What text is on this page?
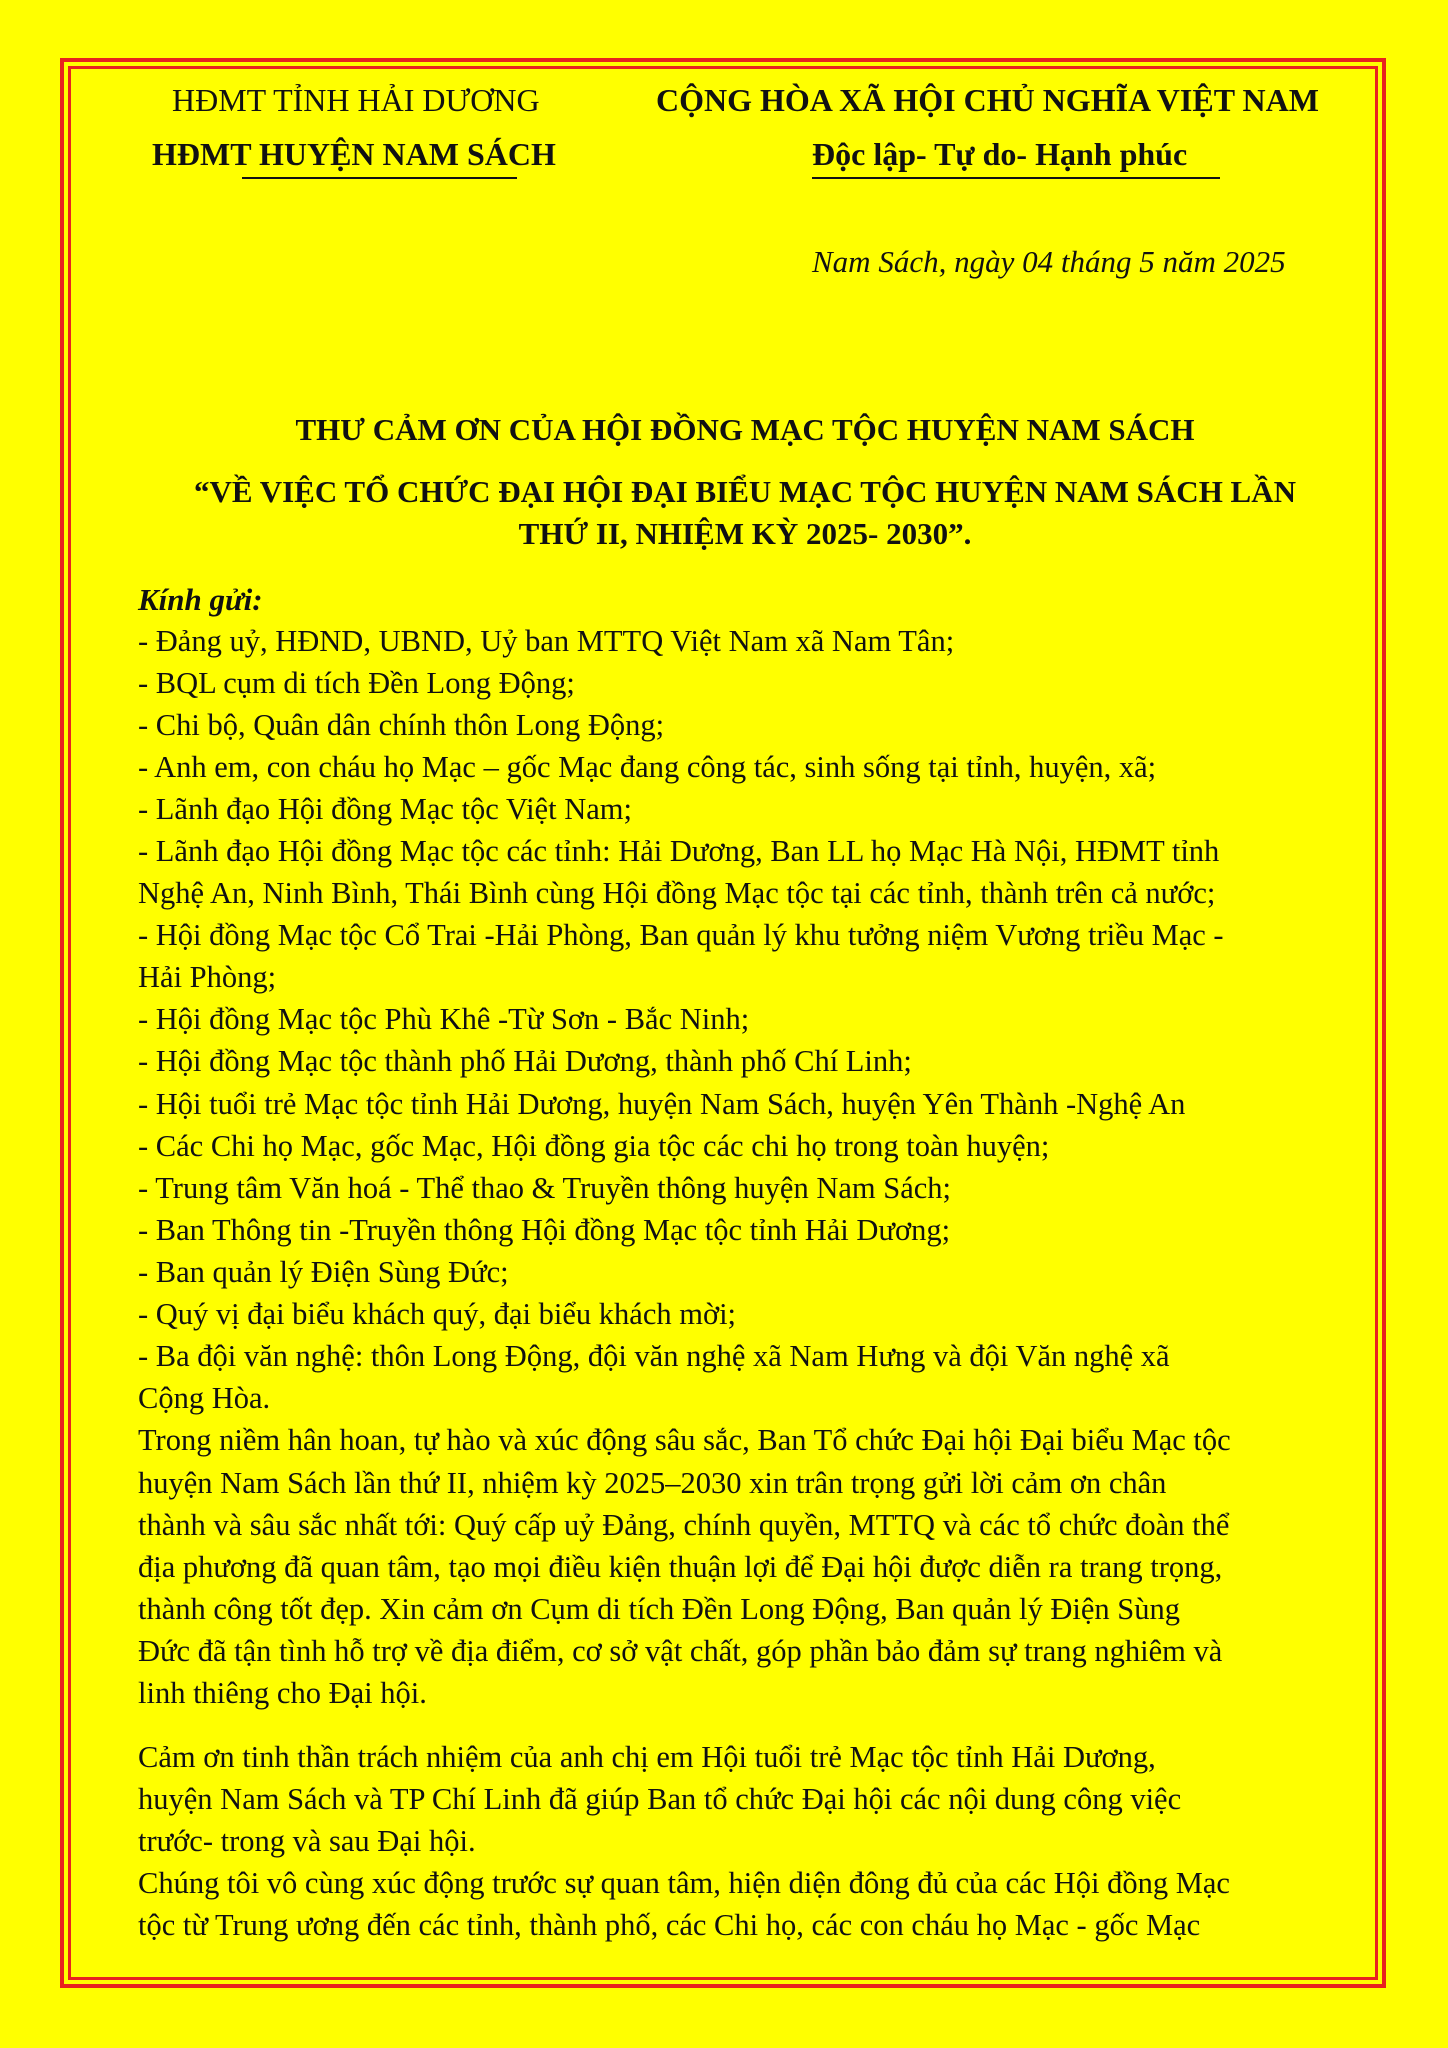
HĐMT TỈNH HẢI DƯƠNG
HĐMT HUYỆN NAM SÁCH
CỘNG HÒA XÃ HỘI CHỦ NGHĨA VIỆT NAM
Độc lập- Tự do- Hạnh phúc
Nam Sách, ngày 04 tháng 5 năm 2025
THƯ CẢM ƠN CỦA HỘI ĐỒNG MẠC TỘC HUYỆN NAM SÁCH
“VỀ VIỆC TỔ CHỨC ĐẠI HỘI ĐẠI BIỂU MẠC TỘC HUYỆN NAM SÁCH LẦN
THỨ II, NHIỆM KỲ 2025- 2030”.
Kính gửi:
- Đảng uỷ, HĐND, UBND, Uỷ ban MTTQ Việt Nam xã Nam Tân;
- BQL cụm di tích Đền Long Động;
- Chi bộ, Quân dân chính thôn Long Động;
- Anh em, con cháu họ Mạc – gốc Mạc đang công tác, sinh sống tại tỉnh, huyện, xã;
- Lãnh đạo Hội đồng Mạc tộc Việt Nam;
- Lãnh đạo Hội đồng Mạc tộc các tỉnh: Hải Dương, Ban LL họ Mạc Hà Nội, HĐMT tỉnh
Nghệ An, Ninh Bình, Thái Bình cùng Hội đồng Mạc tộc tại các tỉnh, thành trên cả nước;
- Hội đồng Mạc tộc Cổ Trai -Hải Phòng, Ban quản lý khu tưởng niệm Vương triều Mạc -
Hải Phòng;
- Hội đồng Mạc tộc Phù Khê -Từ Sơn - Bắc Ninh;
- Hội đồng Mạc tộc thành phố Hải Dương, thành phố Chí Linh;
- Hội tuổi trẻ Mạc tộc tỉnh Hải Dương, huyện Nam Sách, huyện Yên Thành -Nghệ An
- Các Chi họ Mạc, gốc Mạc, Hội đồng gia tộc các chi họ trong toàn huyện;
- Trung tâm Văn hoá - Thể thao & Truyền thông huyện Nam Sách;
- Ban Thông tin -Truyền thông Hội đồng Mạc tộc tỉnh Hải Dương;
- Ban quản lý Điện Sùng Đức;
- Quý vị đại biểu khách quý, đại biểu khách mời;
- Ba đội văn nghệ: thôn Long Động, đội văn nghệ xã Nam Hưng và đội Văn nghệ xã
Cộng Hòa.
Trong niềm hân hoan, tự hào và xúc động sâu sắc, Ban Tổ chức Đại hội Đại biểu Mạc tộc
huyện Nam Sách lần thứ II, nhiệm kỳ 2025–2030 xin trân trọng gửi lời cảm ơn chân
thành và sâu sắc nhất tới: Quý cấp uỷ Đảng, chính quyền, MTTQ và các tổ chức đoàn thể
địa phương đã quan tâm, tạo mọi điều kiện thuận lợi để Đại hội được diễn ra trang trọng,
thành công tốt đẹp. Xin cảm ơn Cụm di tích Đền Long Động, Ban quản lý Điện Sùng
Đức đã tận tình hỗ trợ về địa điểm, cơ sở vật chất, góp phần bảo đảm sự trang nghiêm và
linh thiêng cho Đại hội.
Cảm ơn tinh thần trách nhiệm của anh chị em Hội tuổi trẻ Mạc tộc tỉnh Hải Dương,
huyện Nam Sách và TP Chí Linh đã giúp Ban tổ chức Đại hội các nội dung công việc
trước- trong và sau Đại hội.
Chúng tôi vô cùng xúc động trước sự quan tâm, hiện diện đông đủ của các Hội đồng Mạc
tộc từ Trung ương đến các tỉnh, thành phố, các Chi họ, các con cháu họ Mạc - gốc Mạc
